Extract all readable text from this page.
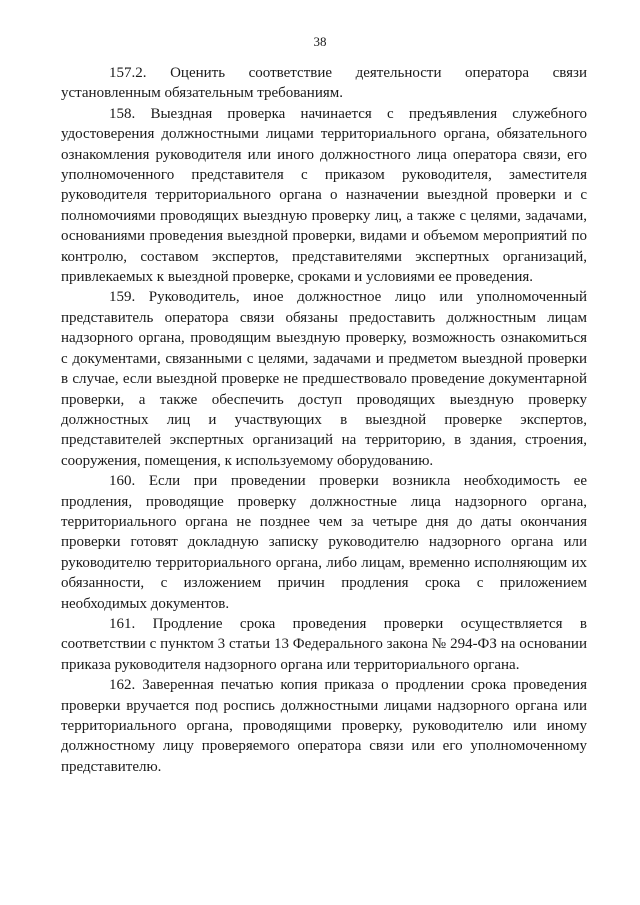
38

157.2. Оценить соответствие деятельности оператора связи установленным обязательным требованиям.

158. Выездная проверка начинается с предъявления служебного удостоверения должностными лицами территориального органа, обязательного ознакомления руководителя или иного должностного лица оператора связи, его уполномоченного представителя с приказом руководителя, заместителя руководителя территориального органа о назначении выездной проверки и с полномочиями проводящих выездную проверку лиц, а также с целями, задачами, основаниями проведения выездной проверки, видами и объемом мероприятий по контролю, составом экспертов, представителями экспертных организаций, привлекаемых к выездной проверке, сроками и условиями ее проведения.

159. Руководитель, иное должностное лицо или уполномоченный представитель оператора связи обязаны предоставить должностным лицам надзорного органа, проводящим выездную проверку, возможность ознакомиться с документами, связанными с целями, задачами и предметом выездной проверки в случае, если выездной проверке не предшествовало проведение документарной проверки, а также обеспечить доступ проводящих выездную проверку должностных лиц и участвующих в выездной проверке экспертов, представителей экспертных организаций на территорию, в здания, строения, сооружения, помещения, к используемому оборудованию.

160. Если при проведении проверки возникла необходимость ее продления, проводящие проверку должностные лица надзорного органа, территориального органа не позднее чем за четыре дня до даты окончания проверки готовят докладную записку руководителю надзорного органа или руководителю территориального органа, либо лицам, временно исполняющим их обязанности, с изложением причин продления срока с приложением необходимых документов.

161. Продление срока проведения проверки осуществляется в соответствии с пунктом 3 статьи 13 Федерального закона № 294-ФЗ на основании приказа руководителя надзорного органа или территориального органа.

162. Заверенная печатью копия приказа о продлении срока проведения проверки вручается под роспись должностными лицами надзорного органа или территориального органа, проводящими проверку, руководителю или иному должностному лицу проверяемого оператора связи или его уполномоченному представителю.
